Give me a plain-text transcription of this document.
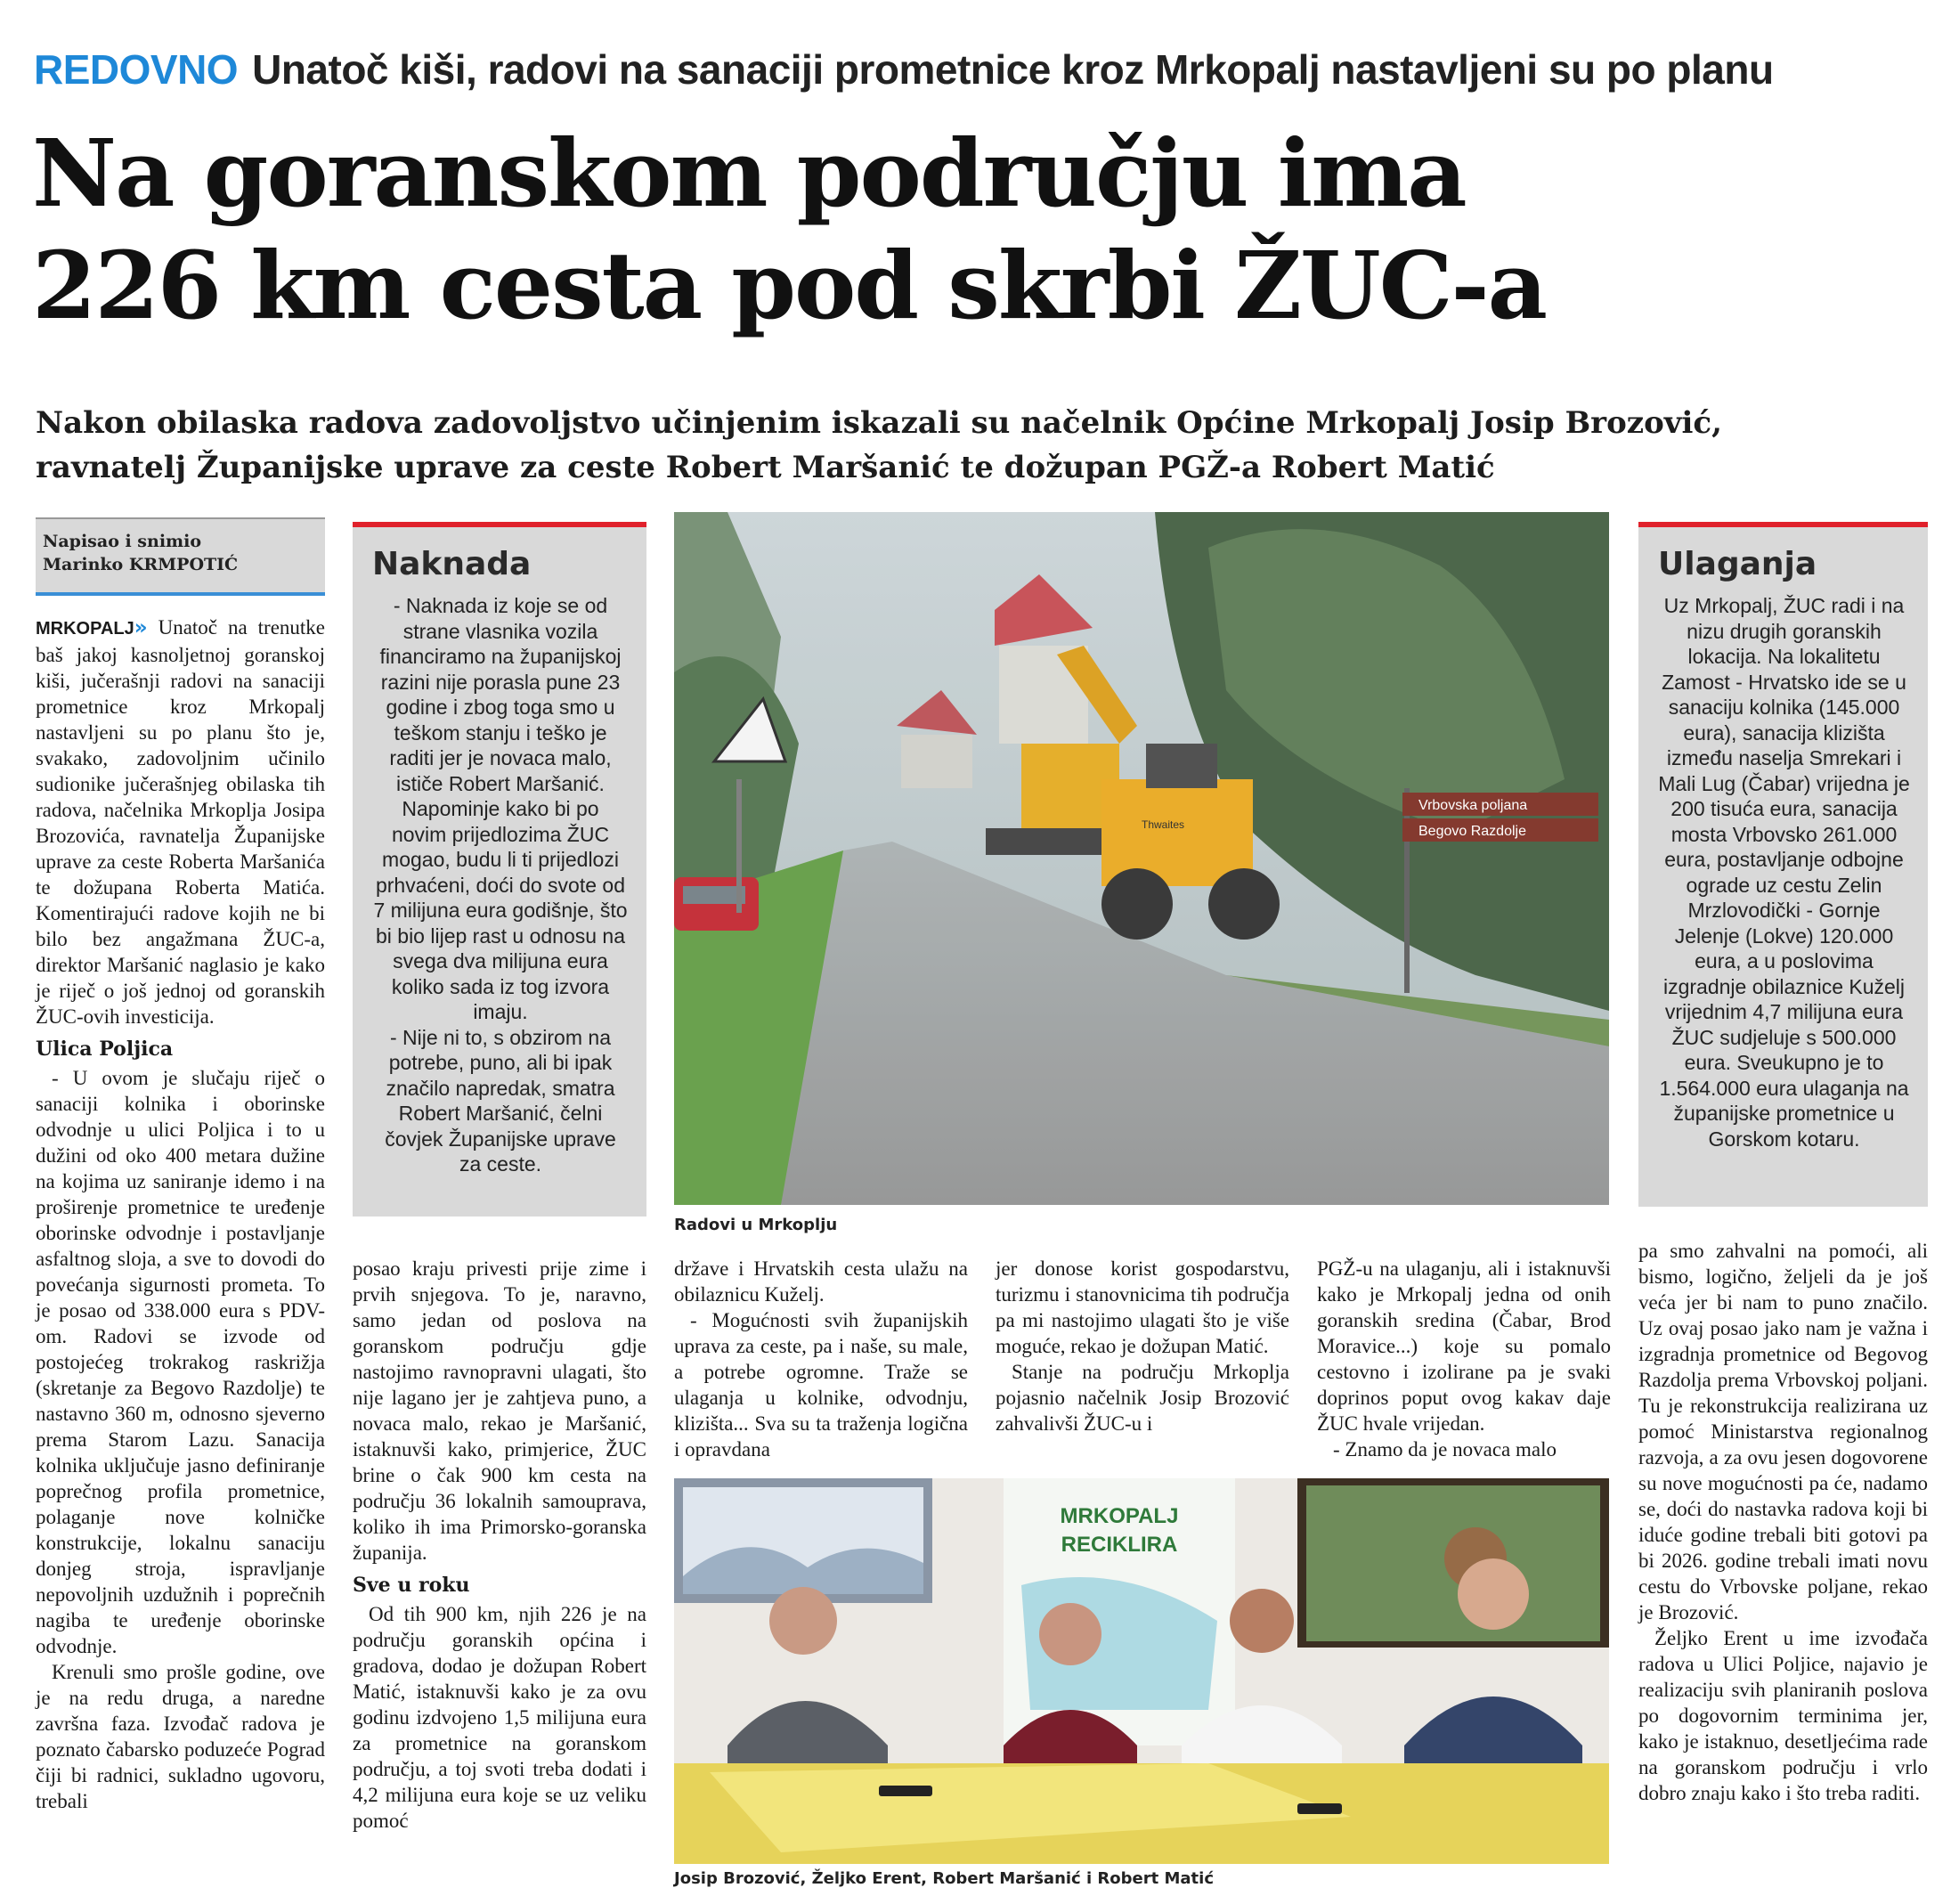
REDOVNO Unatoč kiši, radovi na sanaciji prometnice kroz Mrkopalj nastavljeni su po planu
Na goranskom području ima
226 km cesta pod skrbi ŽUC-a
Nakon obilaska radova zadovoljstvo učinjenim iskazali su načelnik Općine Mrkopalj Josip Brozović,
ravnatelj Županijske uprave za ceste Robert Maršanić te dožupan PGŽ-a Robert Matić
Napisao i snimio
Marinko KRMPOTIĆ

MRKOPALJ» Unatoč na trenutke baš jakoj kasnoljetnoj goranskoj kiši, jučerašnji radovi na sanaciji prometnice kroz Mrkopalj nastavljeni su po planu što je, svakako, zadovoljnim učinilo sudionike jučerašnjeg obilaska tih radova, načelnika Mrkoplja Josipa Brozovića, ravnatelja Županijske uprave za ceste Roberta Maršanića te dožupana Roberta Matića. Komentirajući radove kojih ne bi bilo bez angažmana ŽUC-a, direktor Maršanić naglasio je kako je riječ o još jednoj od goranskih ŽUC-ovih investicija.

Ulica Poljica

- U ovom je slučaju riječ o sanaciji kolnika i oborinske odvodnje u ulici Poljica i to u dužini od oko 400 metara dužine na kojima uz saniranje idemo i na proširenje prometnice te uređenje oborinske odvodnje i postavljanje asfaltnog sloja, a sve to dovodi do povećanja sigurnosti prometa. To je posao od 338.000 eura s PDV-om. Radovi se izvode od postojećeg trokrakog raskrižja (skretanje za Begovo Razdolje) te nastavno 360 m, odnosno sjeverno prema Starom Lazu. Sanacija kolnika uključuje jasno definiranje poprečnog profila prometnice, polaganje nove kolničke konstrukcije, lokalnu sanaciju donjeg stroja, ispravljanje nepovoljnih uzdužnih i poprečnih nagiba te uređenje oborinske odvodnje.

Krenuli smo prošle godine, ove je na redu druga, a naredne završna faza. Izvođač radova je poznato čabarsko poduzeće Pograd čiji bi radnici, sukladno ugovoru, trebali

Naknada

- Naknada iz koje se od strane vlasnika vozila financiramo na županijskoj razini nije porasla pune 23 godine i zbog toga smo u teškom stanju i teško je raditi jer je novaca malo, ističe Robert Maršanić.

Napominje kako bi po novim prijedlozima ŽUC mogao, budu li ti prijedlozi prhvaćeni, doći do svote od 7 milijuna eura godišnje, što bi bio lijep rast u odnosu na svega dva milijuna eura koliko sada iz tog izvora imaju.

- Nije ni to, s obzirom na potrebe, puno, ali bi ipak značilo napredak, smatra Robert Maršanić, čelni čovjek Županijske uprave za ceste.

Thwaites
Vrbovska poljana
Begovo Razdolje
Radovi u Mrkoplju
Ulaganja

Uz Mrkopalj, ŽUC radi i na nizu drugih goranskih lokacija. Na lokalitetu Zamost - Hrvatsko ide se u sanaciju kolnika (145.000 eura), sanacija klizišta između naselja Smrekari i Mali Lug (Čabar) vrijedna je 200 tisuća eura, sanacija mosta Vrbovsko 261.000 eura, postavljanje odbojne ograde uz cestu Zelin Mrzlovodički - Gornje Jelenje (Lokve) 120.000 eura, a u poslovima izgradnje obilaznice Kuželj vrijednim 4,7 milijuna eura ŽUC sudjeluje s 500.000 eura. Sveukupno je to 1.564.000 eura ulaganja na županijske prometnice u Gorskom kotaru.

pa smo zahvalni na pomoći, ali bismo, logično, željeli da je još veća jer bi nam to puno značilo. Uz ovaj posao jako nam je važna i izgradnja prometnice od Begovog Razdolja prema Vrbovskoj poljani. Tu je rekonstrukcija realizirana uz pomoć Ministarstva regionalnog razvoja, a za ovu jesen dogovorene su nove mogućnosti pa će, nadamo se, doći do nastavka radova koji bi iduće godine trebali biti gotovi pa bi 2026. godine trebali imati novu cestu do Vrbovske poljane, rekao je Brozović.

Željko Erent u ime izvođača radova u Ulici Poljice, najavio je realizaciju svih planiranih poslova po dogovornim terminima jer, kako je istaknuo, desetljećima rade na goranskom području i vrlo dobro znaju kako i što treba raditi.

posao kraju privesti prije zime i prvih snjegova. To je, naravno, samo jedan od poslova na goranskom području gdje nastojimo ravnopravni ulagati, što nije lagano jer je zahtjeva puno, a novaca malo, rekao je Maršanić, istaknuvši kako, primjerice, ŽUC brine o čak 900 km cesta na području 36 lokalnih samouprava, koliko ih ima Primorsko-goranska županija.

Sve u roku

Od tih 900 km, njih 226 je na području goranskih općina i gradova, dodao je dožupan Robert Matić, istaknuvši kako je za ovu godinu izdvojeno 1,5 milijuna eura za prometnice na goranskom području, a toj svoti treba dodati i 4,2 milijuna eura koje se uz veliku pomoć

države i Hrvatskih cesta ulažu na obilaznicu Kuželj.

- Mogućnosti svih županijskih uprava za ceste, pa i naše, su male, a potrebe ogromne. Traže se ulaganja u kolnike, odvodnju, klizišta... Sva su ta traženja logična i opravdana

jer donose korist gospodarstvu, turizmu i stanovnicima tih područja pa mi nastojimo ulagati što je više moguće, rekao je dožupan Matić.

Stanje na području Mrkoplja pojasnio načelnik Josip Brozović zahvalivši ŽUC-u i

PGŽ-u na ulaganju, ali i istaknuvši kako je Mrkopalj jedna od onih goranskih sredina (Čabar, Brod Moravice...) koje su pomalo cestovno i izolirane pa je svaki doprinos poput ovog kakav daje ŽUC hvale vrijedan.

- Znamo da je novaca malo

MRKOPALJ
RECIKLIRA
Josip Brozović, Željko Erent, Robert Maršanić i Robert Matić
